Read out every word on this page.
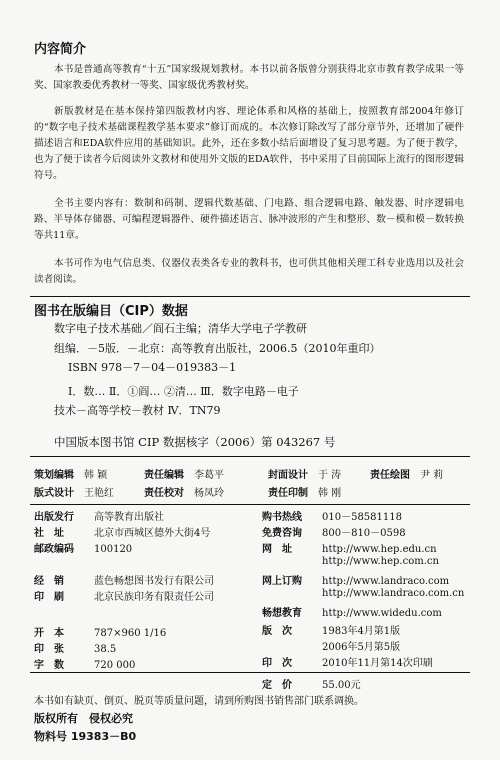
内容简介

本书是普通高等教育“十五”国家级规划教材。本书以前各版曾分别获得北京市教育教学成果一等奖、国家教委优秀教材一等奖、国家级优秀教材奖。

新版教材是在基本保持第四版教材内容、理论体系和风格的基础上，按照教育部2004年修订的“数字电子技术基础课程教学基本要求”修订而成的。本次修订除改写了部分章节外，还增加了硬件描述语言和EDA软件应用的基础知识。此外，还在多数小结后面增设了复习思考题。为了便于教学，也为了便于读者今后阅读外文教材和使用外文版的EDA软件，书中采用了目前国际上流行的图形逻辑符号。

全书主要内容有：数制和码制、逻辑代数基础、门电路、组合逻辑电路、触发器、时序逻辑电路、半导体存储器、可编程逻辑器件、硬件描述语言、脉冲波形的产生和整形、数－模和模－数转换等共11章。

本书可作为电气信息类、仪器仪表类各专业的教科书，也可供其他相关理工科专业选用以及社会读者阅读。

图书在版编目（CIP）数据
数字电子技术基础／阎石主编；清华大学电子学教研
组编．－5版．－北京：高等教育出版社，2006.5（2010年重印）
ISBN 978－7－04－019383－1
Ⅰ．数… Ⅱ．①阎… ②清… Ⅲ．数字电路－电子
技术－高等学校－教材 Ⅳ．TN79
中国版本图书馆 CIP 数据核字（2006）第 043267 号
策划编辑 韩 颖	责任编辑 李葛平	封面设计 于 涛	责任绘图 尹 莉
版式设计 王艳红	责任校对 杨凤玲	责任印制 韩 刚
出版发行 高等教育出版社
社　址	北京市西城区德外大街4号
邮政编码 100120
经　销	蓝色畅想图书发行有限公司
印　刷	北京民族印务有限责任公司
开　本	787×960 1/16
印　张	38.5
字　数	720 000
购书热线 010－58581118
免费咨询 800－810－0598
网　址	http://www.hep.edu.cn
http://www.hep.com.cn
网上订购 http://www.landraco.com
http://www.landraco.com.cn
畅想教育 http://www.widedu.com
版　次	1983年4月第1版
2006年5月第5版
印　次	2010年11月第14次印刷
定　价	55.00元
本书如有缺页、倒页、脱页等质量问题，请到所购图书销售部门联系调换。
版权所有　侵权必究
物料号 19383－B0
